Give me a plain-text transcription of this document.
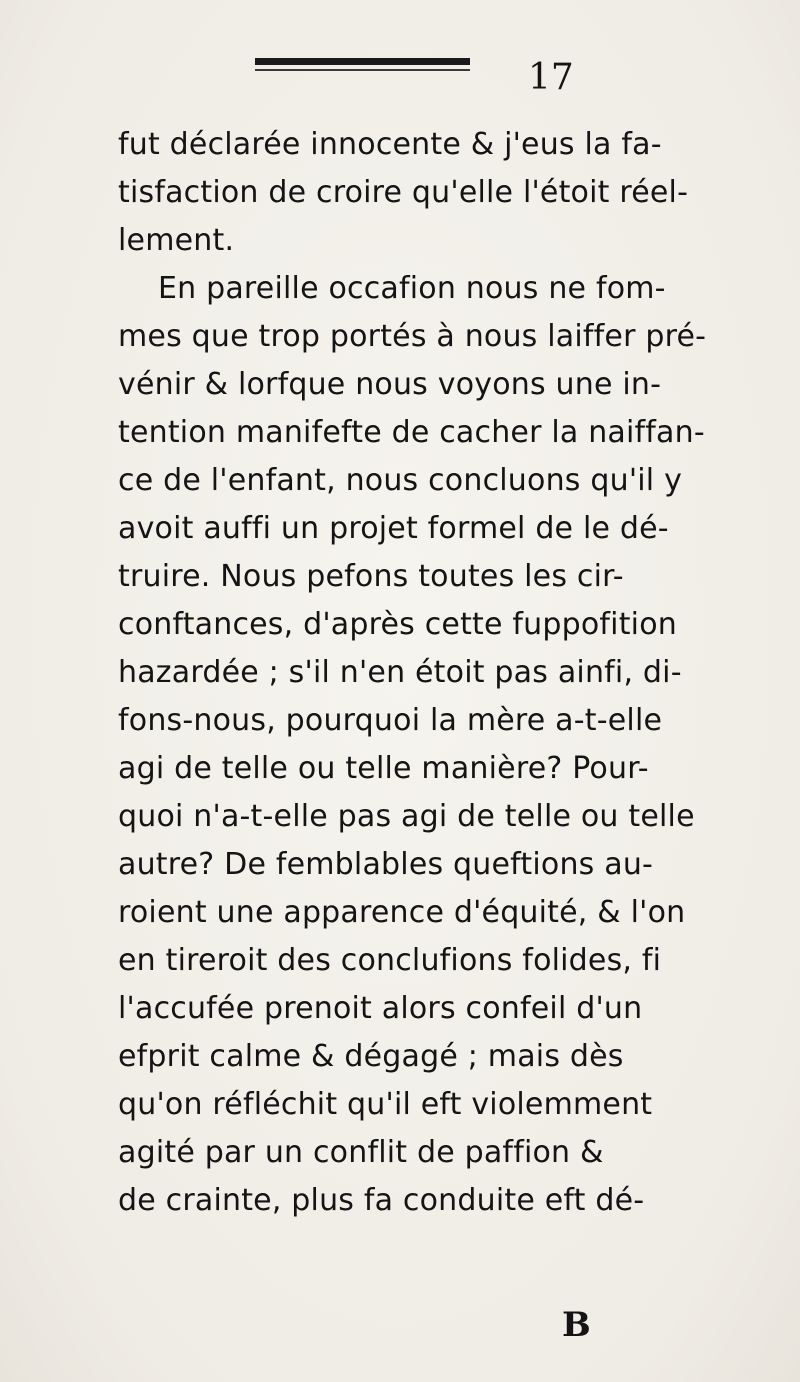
17
fut déclarée innocente & j'eus la fa-
tisfaction de croire qu'elle l'étoit réel-
lement.
En pareille occafion nous ne fom-
mes que trop portés à nous laiffer pré-
vénir & lorfque nous voyons une in-
tention manifefte de cacher la naiffan-
ce de l'enfant, nous concluons qu'il y
avoit auffi un projet formel de le dé-
truire. Nous pefons toutes les cir-
conftances, d'après cette fuppofition
hazardée ; s'il n'en étoit pas ainfi, di-
fons-nous, pourquoi la mère a-t-elle
agi de telle ou telle manière? Pour-
quoi n'a-t-elle pas agi de telle ou telle
autre? De femblables queftions au-
roient une apparence d'équité, & l'on
en tireroit des conclufions folides, fi
l'accufée prenoit alors confeil d'un
efprit calme & dégagé ; mais dès
qu'on réfléchit qu'il eft violemment
agité par un conflit de paffion &
de crainte, plus fa conduite eft dé-
B
